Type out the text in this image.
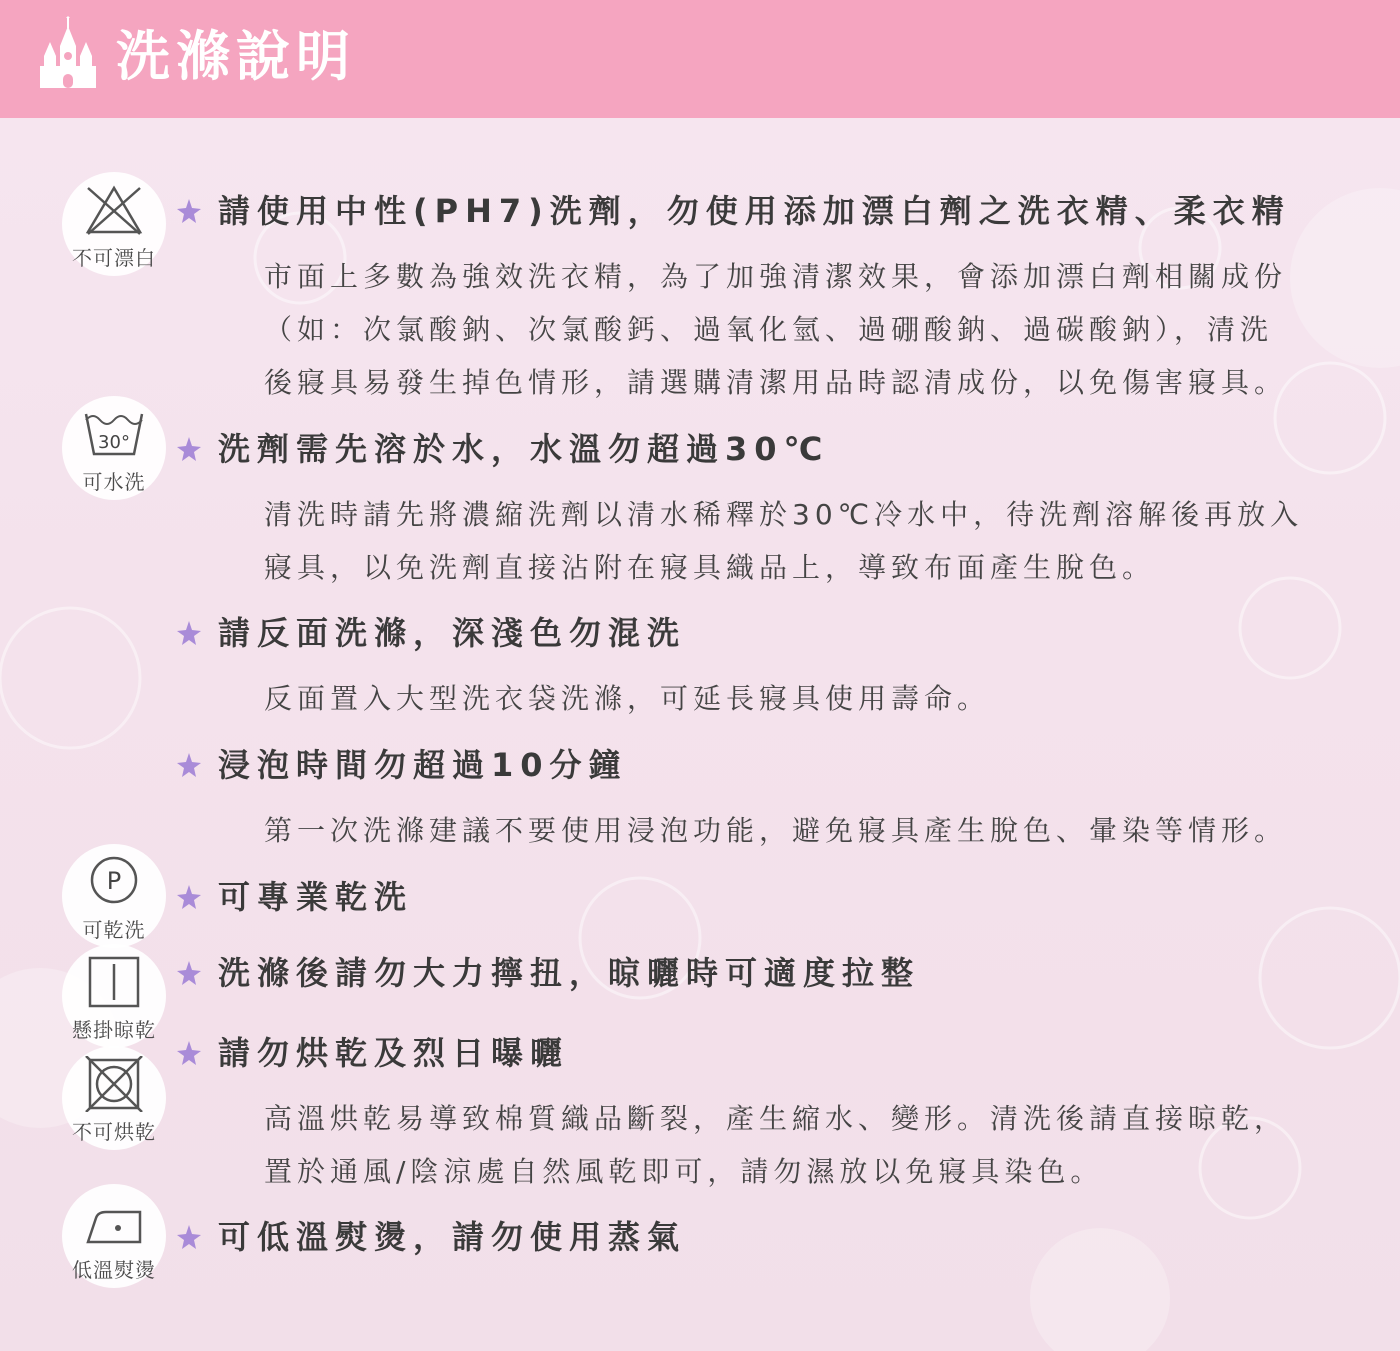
洗滌說明
不可漂白
30°
可水洗
P
可乾洗
懸掛晾乾
不可烘乾
低溫熨燙
請使用中性(PH7)洗劑，勿使用添加漂白劑之洗衣精、柔衣精
市面上多數為強效洗衣精，為了加強清潔效果，會添加漂白劑相關成份
（如：次氯酸鈉、次氯酸鈣、過氧化氫、過硼酸鈉、過碳酸鈉），清洗
後寢具易發生掉色情形，請選購清潔用品時認清成份，以免傷害寢具。
洗劑需先溶於水，水溫勿超過30℃
清洗時請先將濃縮洗劑以清水稀釋於30℃冷水中，待洗劑溶解後再放入
寢具，以免洗劑直接沾附在寢具織品上，導致布面產生脫色。
請反面洗滌，深淺色勿混洗
反面置入大型洗衣袋洗滌，可延長寢具使用壽命。
浸泡時間勿超過10分鐘
第一次洗滌建議不要使用浸泡功能，避免寢具產生脫色、暈染等情形。
可專業乾洗
洗滌後請勿大力擰扭，晾曬時可適度拉整
請勿烘乾及烈日曝曬
高溫烘乾易導致棉質織品斷裂，產生縮水、變形。清洗後請直接晾乾，
置於通風/陰涼處自然風乾即可，請勿濕放以免寢具染色。
可低溫熨燙，請勿使用蒸氣
